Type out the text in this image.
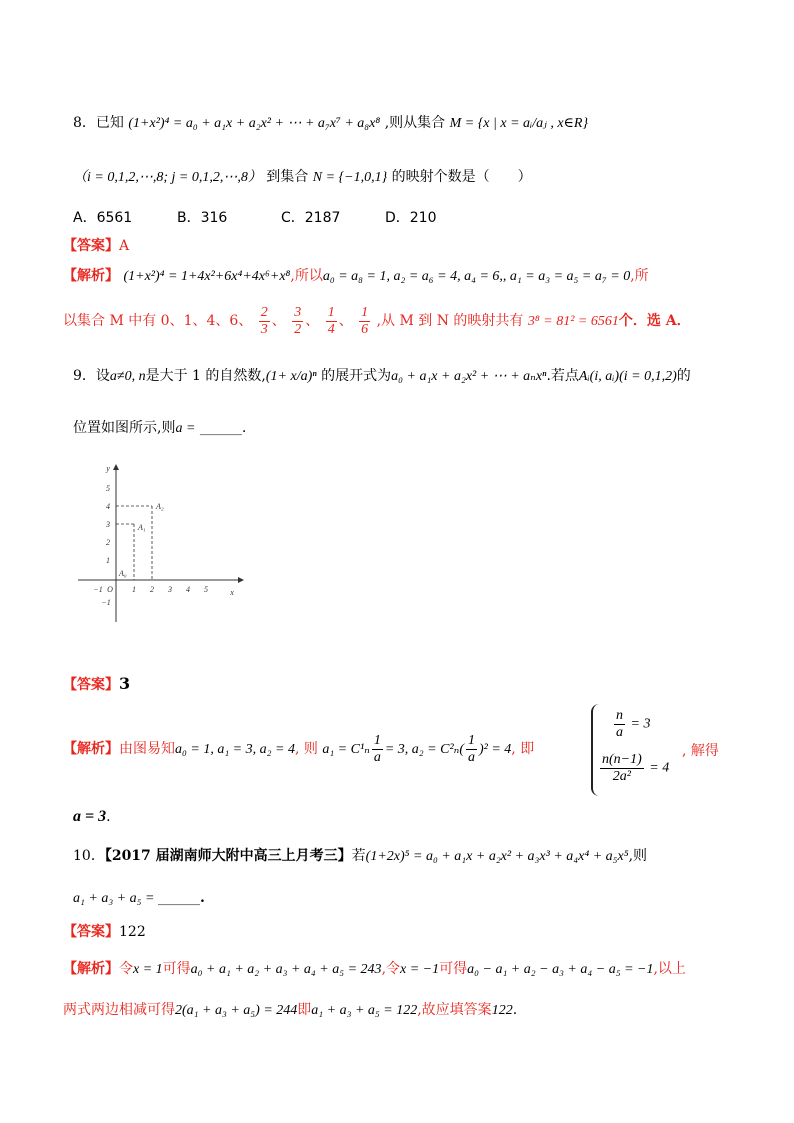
8．已知 (1+x²)⁴ = a₀ + a₁x + a₂x² + ⋯ + a₇x⁷ + a₈x⁸ ,则从集合 M = {x | x = aᵢ/aⱼ , x∈R}
（i = 0,1,2,⋯,8; j = 0,1,2,⋯,8） 到集合 N = {−1,0,1} 的映射个数是（　　）
A．6561	B．316	C．2187	D．210
【答案】A
【解析】 (1+x²)⁴ = 1+4x²+6x⁴+4x⁶+x⁸,所以a₀ = a₈ = 1, a₂ = a₆ = 4, a₄ = 6,, a₁ = a₃ = a₅ = a₇ = 0,所
以集合 M 中有 0、1、4、6、 $\frac{2}{3}$ 、 $\frac{3}{2}$ 、 $\frac{1}{4}$ 、 $\frac{1}{6}$ ,从 M 到 N 的映射共有 3⁸ = 81² = 6561个．选 A．
9．设a≠0, n是大于 1 的自然数,(1+ x/a)ⁿ 的展开式为a₀ + a₁x + a₂x² + ⋯ + aₙxⁿ.若点Aᵢ(i, aᵢ)(i = 0,1,2)的
位置如图所示,则a = ______.
y
x
−1 O 1 2 3 4 5
5
4
3
2
1
−1
A₀
A₁
A₂
【答案】3
【解析】由图易知a₀ = 1, a₁ = 3, a₂ = 4, 则 $a_1 = C^1_n \frac{1}{a} = 3$, $a_2 = C^2_n( \frac{1}{a} )^2 = 4$, 即
$\frac{n}{a} = 3$
$\frac{n(n-1)}{\text{2a²}} = 4$
, 解得
a = 3.
10．【2017 届湖南师大附中高三上月考三】若(1+2x)⁵ = a₀ + a₁x + a₂x² + a₃x³ + a₄x⁴ + a₅x⁵,则
a₁ + a₃ + a₅ = ______.
【答案】122
【解析】令x = 1可得a₀ + a₁ + a₂ + a₃ + a₄ + a₅ = 243,令x = −1可得a₀ − a₁ + a₂ − a₃ + a₄ − a₅ = −1,以上
两式两边相减可得2(a₁ + a₃ + a₅) = 244即a₁ + a₃ + a₅ = 122,故应填答案122.
